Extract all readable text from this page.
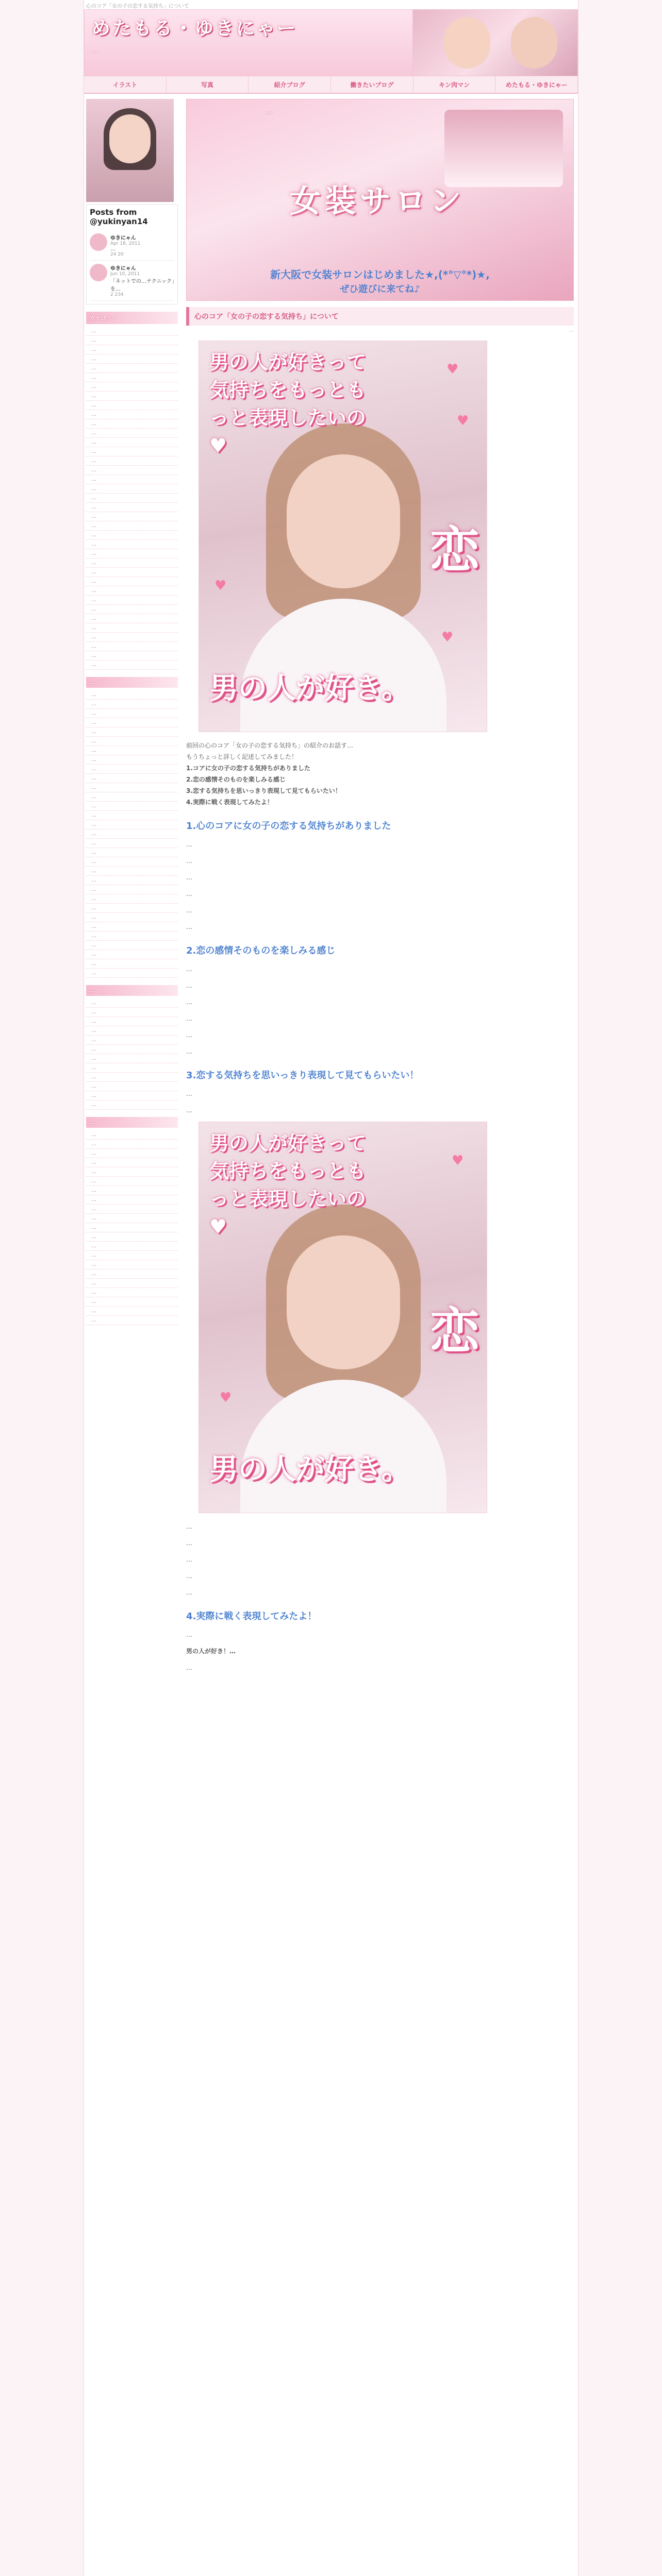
心のコア「女の子の恋する気持ち」について
めたもる・ゆきにゃー
…
イラスト	写真	紹介ブログ	働きたいブログ	キン肉マン	めたもる・ゆきにゃー
Posts from @yukinyan14
ゆきにゃん
Apr 18, 2011
…
24 20
ゆきにゃん
Jun 10, 2011
「ネットでの…テクニック」を…
2 234
カテゴリー
…
…
…
…
…
…
…
…
…
…
…
…
…
…
…
…
…
…
…
…
…
…
…
…
…
…
…
…
…
…
…
…
…
…
…
…
…
…
…
…
…
…
…
…
…
…
…
…
…
…
…
…
…
…
…
…
…
…
…
…
…
…
…
…
…
…
…
…
…
…
…
…
…
…
…
…
…
…
…
…
…
…
…
…
…
…
…
…
…
…
…
…
…
…
…
…
…
…
…
…
…
…
…
…
…
女装サロン
新大阪で女装サロンはじめました★,(*°▽°*)★,
ぜひ遊びに来てね♪
心のコア「女の子の恋する気持ち」について
…
男の人が好きって気持ちをもっともっと表現したいの♥
恋
男の人が好き。
♥
♥
♥
♥

前回の心のコア「女の子の恋する気持ち」の紹介のお話す…

もうちょっと詳しく記述してみました！

1.コアに女の子の恋する気持ちがありました

2.恋の感情そのものを楽しみる感じ

3.恋する気持ちを思いっきり表現して見てもらいたい！

4.実際に戦く表現してみたよ！

1.心のコアに女の子の恋する気持ちがありました

…

…

…

…

…

…

2.恋の感情そのものを楽しみる感じ

…

…

…

…

…

…

3.恋する気持ちを思いっきり表現して見てもらいたい！

…

…

男の人が好きって気持ちをもっともっと表現したいの♥
恋
男の人が好き。
♥
♥

…

…

…

…

…

4.実際に戦く表現してみたよ！

…

男の人が好き！…

…
